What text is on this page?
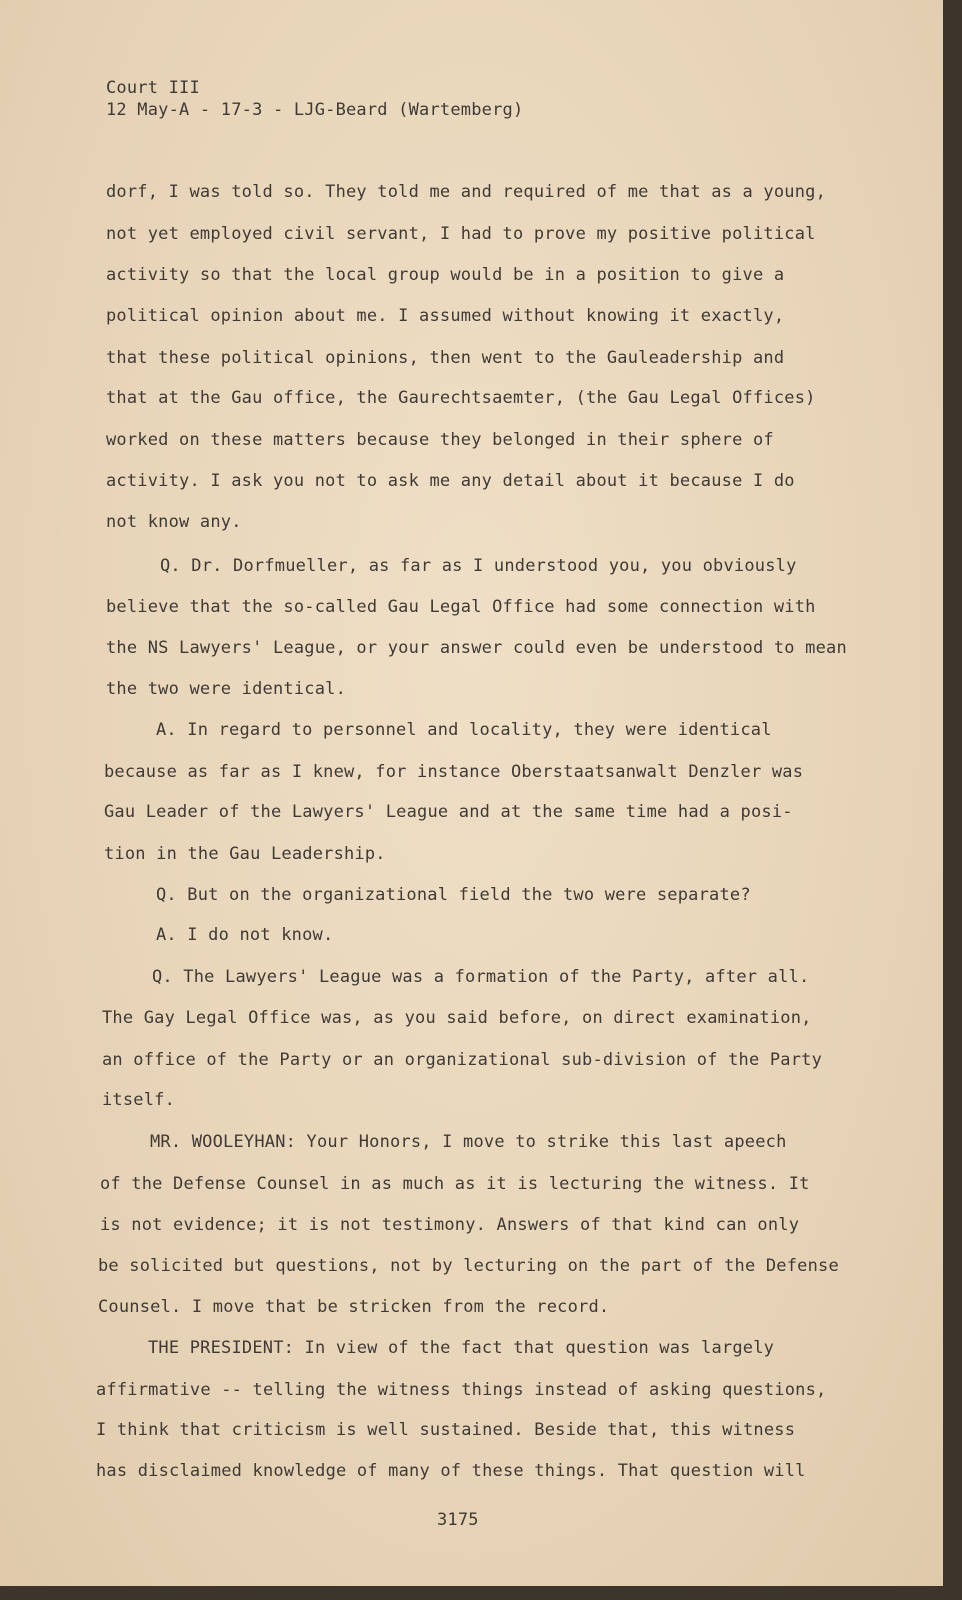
Court III
12 May-A - 17-3 - LJG-Beard (Wartemberg)
dorf, I was told so. They told me and required of me that as a young,
not yet employed civil servant, I had to prove my positive political
activity so that the local group would be in a position to give a
political opinion about me. I assumed without knowing it exactly,
that these political opinions, then went to the Gauleadership and
that at the Gau office, the Gaurechtsaemter, (the Gau Legal Offices)
worked on these matters because they belonged in their sphere of
activity. I ask you not to ask me any detail about it because I do
not know any.
Q. Dr. Dorfmueller, as far as I understood you, you obviously
believe that the so-called Gau Legal Office had some connection with
the NS Lawyers' League, or your answer could even be understood to mean
the two were identical.
A. In regard to personnel and locality, they were identical
because as far as I knew, for instance Oberstaatsanwalt Denzler was
Gau Leader of the Lawyers' League and at the same time had a posi-
tion in the Gau Leadership.
Q. But on the organizational field the two were separate?
A. I do not know.
Q. The Lawyers' League was a formation of the Party, after all.
The Gay Legal Office was, as you said before, on direct examination,
an office of the Party or an organizational sub-division of the Party
itself.
MR. WOOLEYHAN: Your Honors, I move to strike this last apeech
of the Defense Counsel in as much as it is lecturing the witness. It
is not evidence; it is not testimony. Answers of that kind can only
be solicited but questions, not by lecturing on the part of the Defense
Counsel. I move that be stricken from the record.
THE PRESIDENT: In view of the fact that question was largely
affirmative -- telling the witness things instead of asking questions,
I think that criticism is well sustained. Beside that, this witness
has disclaimed knowledge of many of these things. That question will
3175
